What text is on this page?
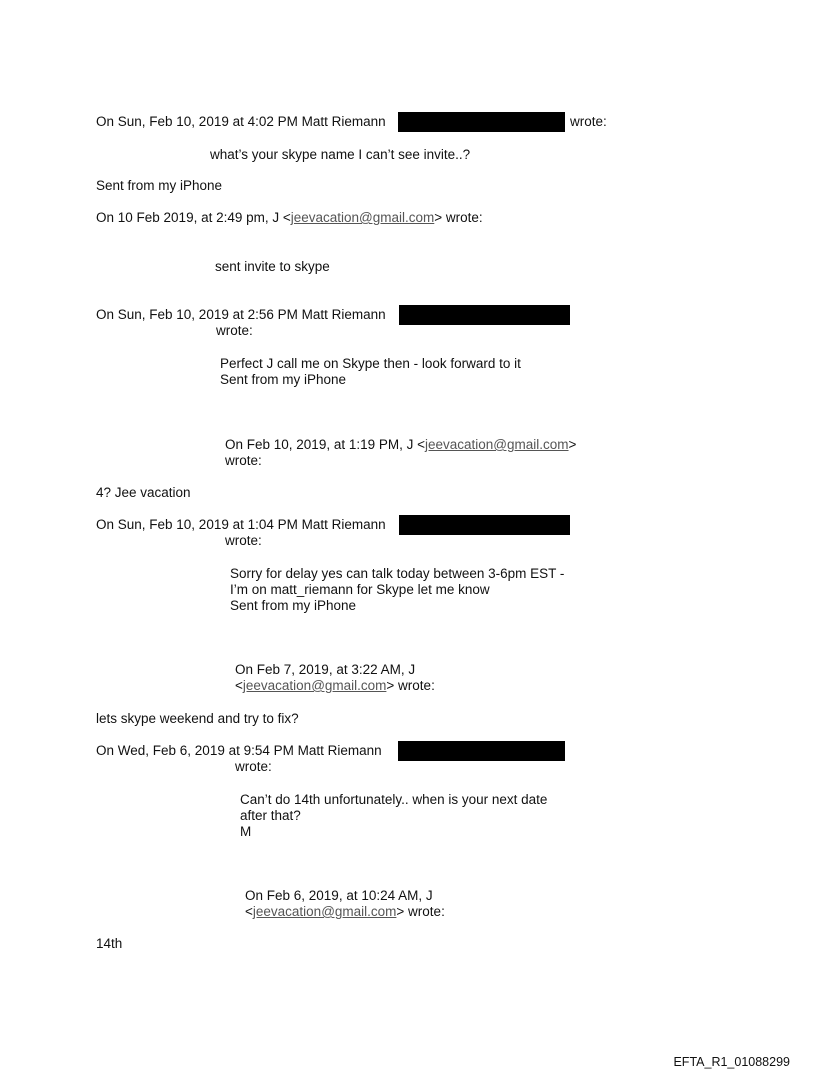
On Sun, Feb 10, 2019 at 4:02 PM Matt Riemann	wrote:
what’s your skype name I can’t see invite..?
Sent from my iPhone
On 10 Feb 2019, at 2:49 pm, J <jeevacation@gmail.com> wrote:
sent invite to skype
On Sun, Feb 10, 2019 at 2:56 PM Matt Riemann
wrote:
Perfect J call me on Skype then - look forward to it
Sent from my iPhone
On Feb 10, 2019, at 1:19 PM, J <jeevacation@gmail.com>
wrote:
4? Jee vacation
On Sun, Feb 10, 2019 at 1:04 PM Matt Riemann
wrote:
Sorry for delay yes can talk today between 3-6pm EST -
I’m on matt_riemann for Skype let me know
Sent from my iPhone
On Feb 7, 2019, at 3:22 AM, J
<jeevacation@gmail.com> wrote:
lets skype weekend and try to fix?
On Wed, Feb 6, 2019 at 9:54 PM Matt Riemann
wrote:
Can’t do 14th unfortunately.. when is your next date
after that?
M
On Feb 6, 2019, at 10:24 AM, J
<jeevacation@gmail.com> wrote:
14th
EFTA_R1_01088299
